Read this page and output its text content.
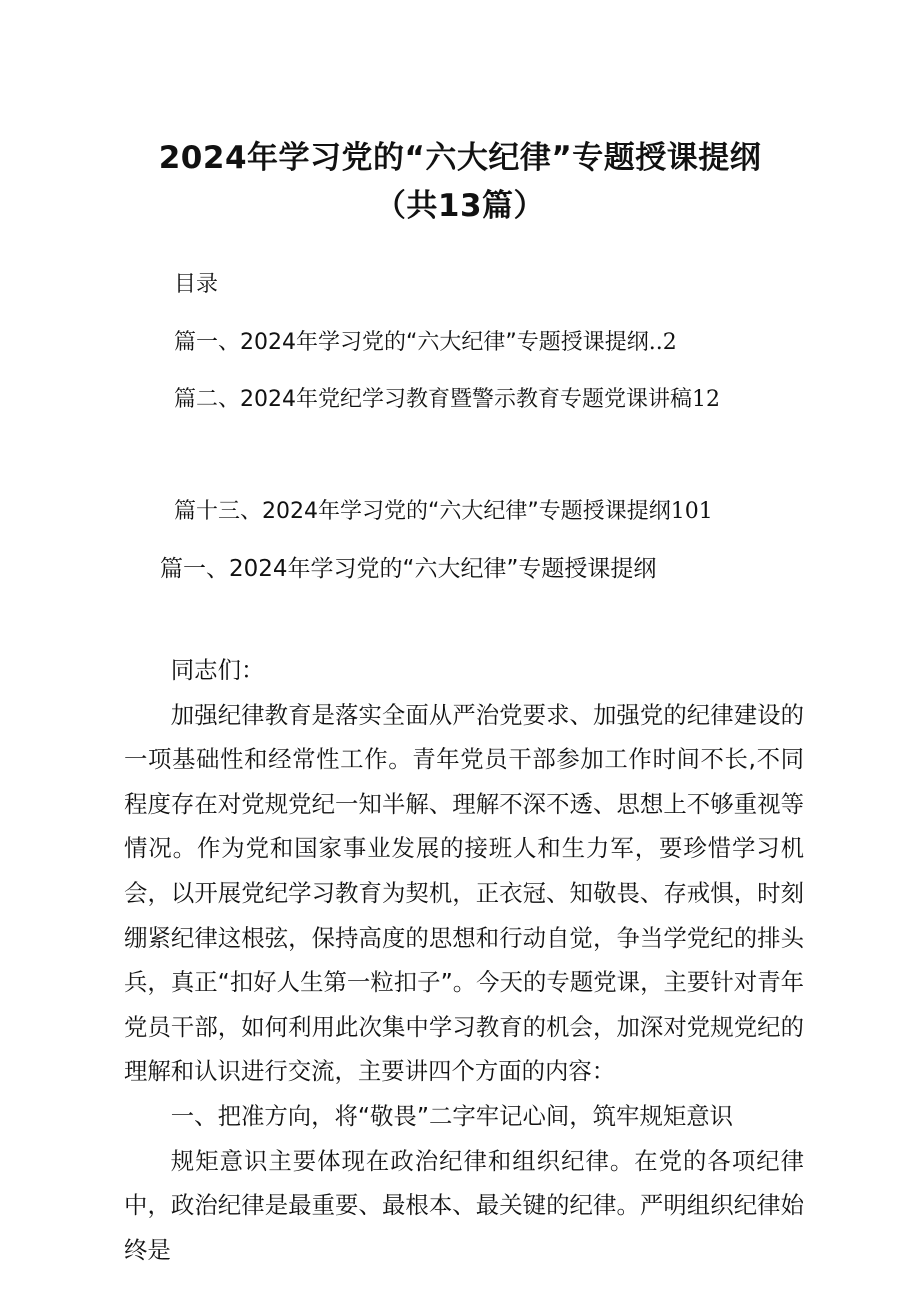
2024年学习党的“六大纪律”专题授课提纲
（共13篇）
目录
篇一、2024年学习党的“六大纪律”专题授课提纲..2
篇二、2024年党纪学习教育暨警示教育专题党课讲稿12
篇十三、2024年学习党的“六大纪律”专题授课提纲101
篇一、2024年学习党的“六大纪律”专题授课提纲

同志们：

加强纪律教育是落实全面从严治党要求、加强党的纪律建设的一项基础性和经常性工作。青年党员干部参加工作时间不长,不同程度存在对党规党纪一知半解、理解不深不透、思想上不够重视等情况。作为党和国家事业发展的接班人和生力军，要珍惜学习机会，以开展党纪学习教育为契机，正衣冠、知敬畏、存戒惧，时刻绷紧纪律这根弦，保持高度的思想和行动自觉，争当学党纪的排头兵，真正“扣好人生第一粒扣子”。今天的专题党课，主要针对青年党员干部，如何利用此次集中学习教育的机会，加深对党规党纪的理解和认识进行交流，主要讲四个方面的内容：

一、把准方向，将“敬畏”二字牢记心间，筑牢规矩意识

规矩意识主要体现在政治纪律和组织纪律。在党的各项纪律中，政治纪律是最重要、最根本、最关键的纪律。严明组织纪律始终是
